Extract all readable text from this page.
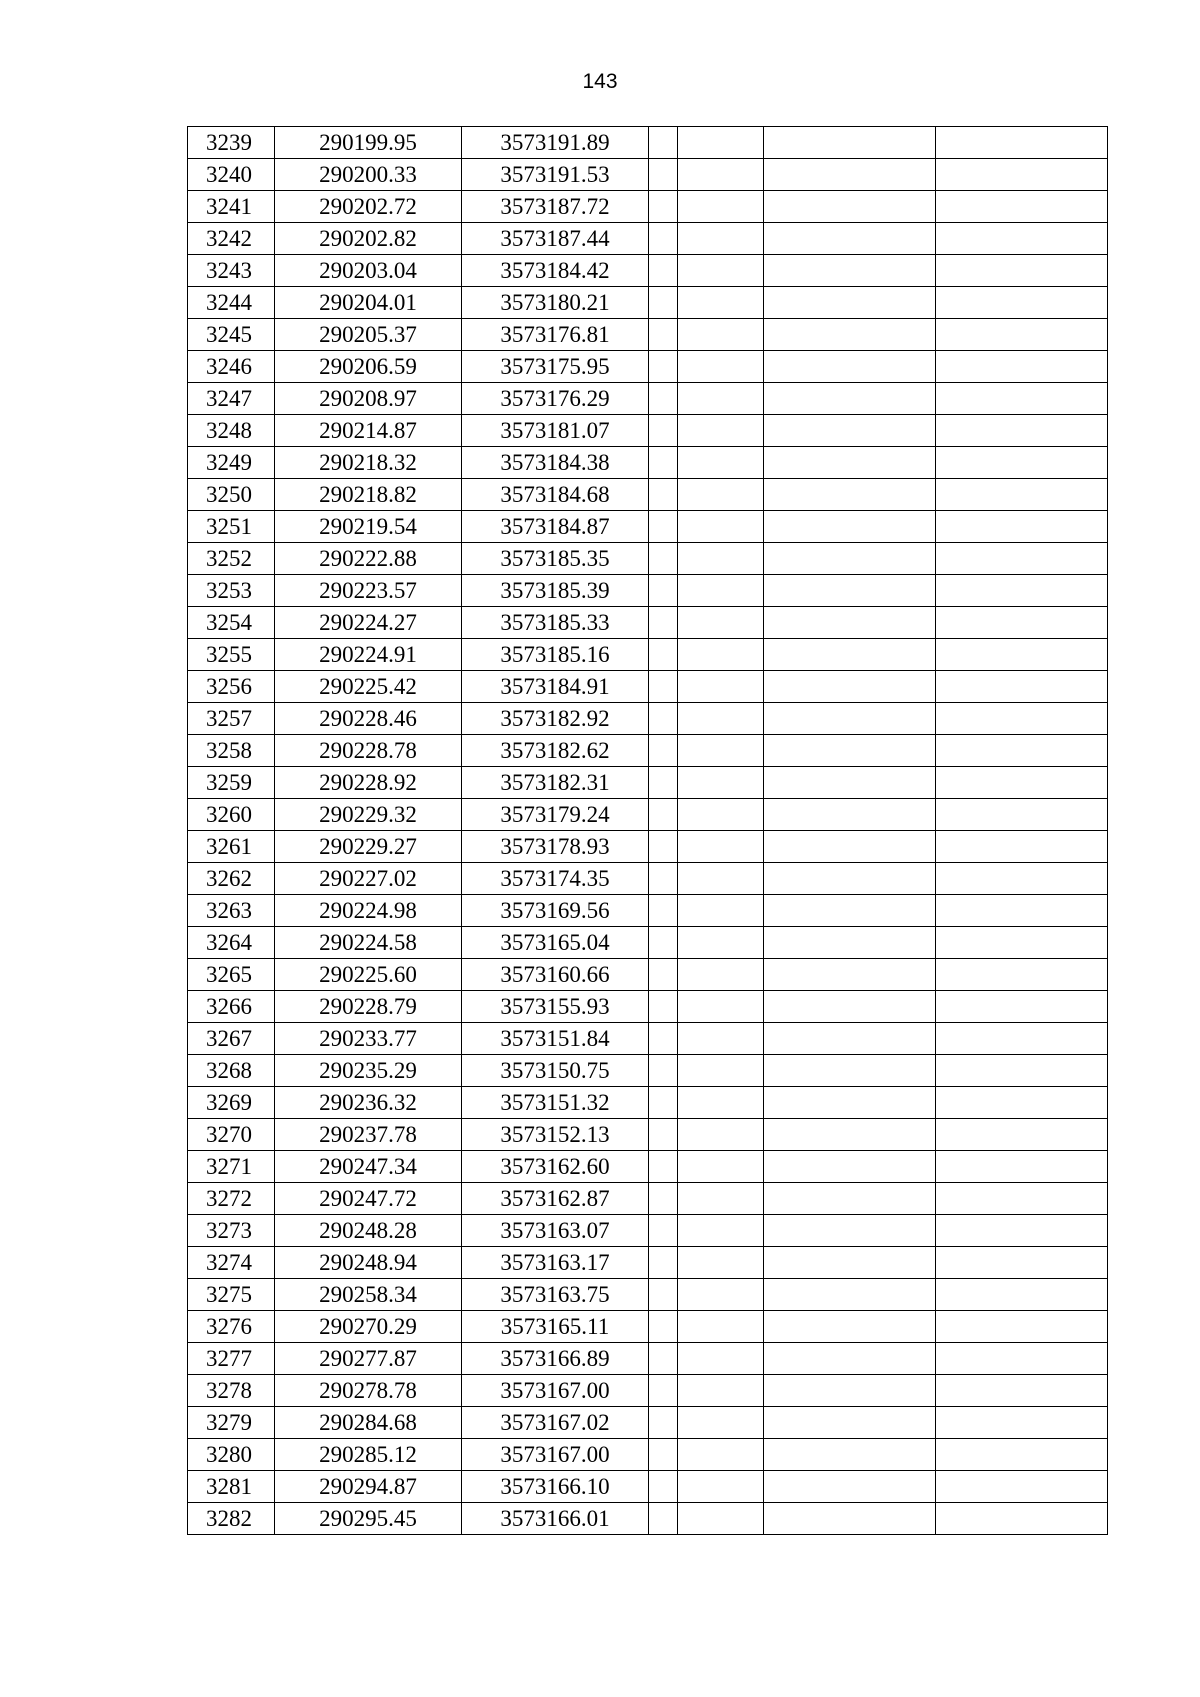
143
3239	290199.95	3573191.89				
3240	290200.33	3573191.53				
3241	290202.72	3573187.72				
3242	290202.82	3573187.44				
3243	290203.04	3573184.42				
3244	290204.01	3573180.21				
3245	290205.37	3573176.81				
3246	290206.59	3573175.95				
3247	290208.97	3573176.29				
3248	290214.87	3573181.07				
3249	290218.32	3573184.38				
3250	290218.82	3573184.68				
3251	290219.54	3573184.87				
3252	290222.88	3573185.35				
3253	290223.57	3573185.39				
3254	290224.27	3573185.33				
3255	290224.91	3573185.16				
3256	290225.42	3573184.91				
3257	290228.46	3573182.92				
3258	290228.78	3573182.62				
3259	290228.92	3573182.31				
3260	290229.32	3573179.24				
3261	290229.27	3573178.93				
3262	290227.02	3573174.35				
3263	290224.98	3573169.56				
3264	290224.58	3573165.04				
3265	290225.60	3573160.66				
3266	290228.79	3573155.93				
3267	290233.77	3573151.84				
3268	290235.29	3573150.75				
3269	290236.32	3573151.32				
3270	290237.78	3573152.13				
3271	290247.34	3573162.60				
3272	290247.72	3573162.87				
3273	290248.28	3573163.07				
3274	290248.94	3573163.17				
3275	290258.34	3573163.75				
3276	290270.29	3573165.11				
3277	290277.87	3573166.89				
3278	290278.78	3573167.00				
3279	290284.68	3573167.02				
3280	290285.12	3573167.00				
3281	290294.87	3573166.10				
3282	290295.45	3573166.01				
